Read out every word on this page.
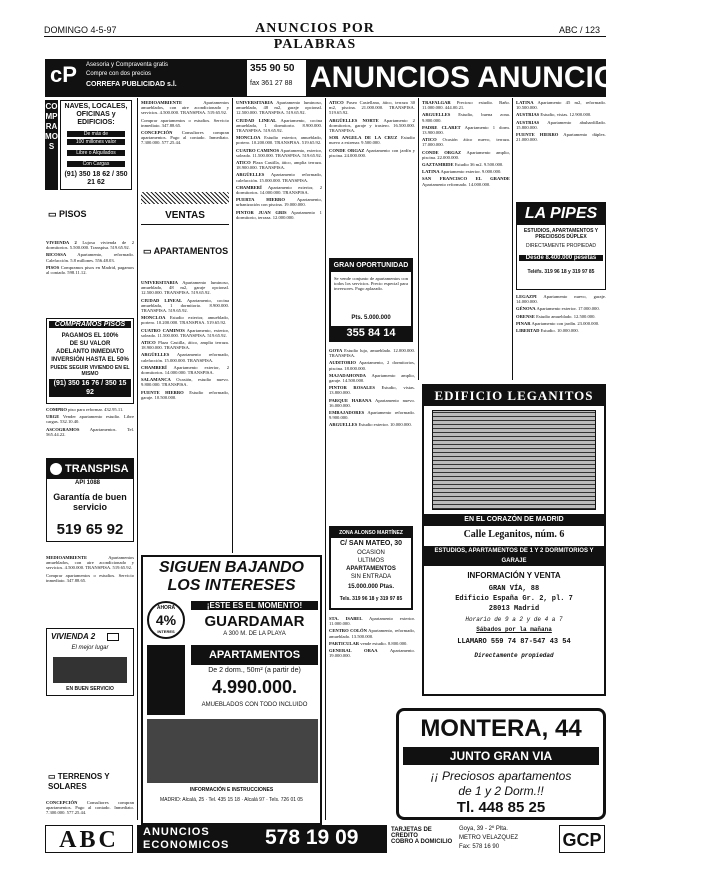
DOMINGO 4-5-97	ANUNCIOS POR PALABRAS
ABC / 123
cP Asesoria y Compraventa gratis
Compre con dos precios
CORREFA PUBLICIDAD s.l.
355 90 50
fax 361 27 88 ANUNCIOS ANUNCIOS ANU
COMPRAMOS
NAVES, LOCALES, OFICINAS y EDIFICIOS:
De más de
100 millones valor
Libre o Alquilados
Con Cargas
(91) 350 18 62 / 350 21 62
▭ PISOS

VIVIENDA 2 Lujosa vivienda de 2 dormitorios. 5.500.000. Transpisa. 519.65.92.

BICOSSA Apartamento, reformado. Calefacción. 5.8 millones. 556.48.03.

PISOS Compramos pisos en Madrid, pagamos al contado. 598.11.12.

COMPRAMOS PISOS
PAGAMOS EL 100%
DE SU VALOR
ADELANTO INMEDIATO
INVERSIÓN HASTA EL 50%
PUEDE SEGUIR VIVIENDO EN EL MISMO
(91) 350 16 76 / 350 15 92

COMPRO piso para reformar. 432.95.11.

URGE Vender apartamento estudio. Libre cargas. 532.10.40.

ASCOGRAMOS Apartamentos. Tel. 565.44.22.

TRANSPISA
API 1088
Garantía de buen servicio
519 65 92

MEDIOAMBIENTE	Apartamentos amueblados, con aire acondicionado y servicios. 4.500.000. TRANSPISA. 519.65.92.

Comprar apartamentos o estudios. Servicio inmediato. 347.88.65.

VIVIENDA 2
El mejor lugar
EN BUEN SERVICIO
▭ TERRENOS Y SOLARES

CONCEPCIÓN Consultores compran apartamentos. Pago al contado. Inmediato. 7.300.000. 577.25.44.

MEDIOAMBIENTE	Apartamentos amueblados, con aire acondicionado y servicios. 4.500.000. TRANSPISA. 519.65.92.

Comprar apartamentos o estudios. Servicio inmediato. 347.88.65.

CONCEPCIÓN Consultores compran apartamentos. Pago al contado. Inmediato. 7.300.000. 577.25.44.

VENTAS
▭ APARTAMENTOS

UNIVERSITARIA Apartamento luminoso, amueblado, 48 m2, garaje opcional. 12.500.000. TRANSPISA. 519.65.92.

CIUDAD LINEAL Apartamento, cocina amueblada, 1 dormitorio. 8.900.000. TRANSPISA. 519.65.92.

MONCLOA Estudio exterior, amueblado, portero. 10.200.000. TRANSPISA. 519.65.92.

CUATRO CAMINOS Apartamento, exterior, soleado. 11.500.000. TRANSPISA. 519.65.92.

ATICO Plaza Castilla, ático, amplia terraza. 18.900.000. TRANSPISA.

ARGÜELLES Apartamento reformado, calefacción. 15.000.000. TRANSPISA.

CHAMBERÍ Apartamento exterior, 2 dormitorios. 14.000.000. TRANSPISA.

SALAMANCA Ocasión, estudio nuevo. 9.800.000. TRANSPISA.

FUENTE HIERRO Estudio reformado, garaje. 10.500.000.

UNIVERSITARIA Apartamento luminoso, amueblado, 48 m2, garaje opcional. 12.500.000. TRANSPISA. 519.65.92.

CIUDAD LINEAL Apartamento, cocina amueblada, 1 dormitorio. 8.900.000. TRANSPISA. 519.65.92.

MONCLOA Estudio exterior, amueblado, portero. 10.200.000. TRANSPISA. 519.65.92.

CUATRO CAMINOS Apartamento, exterior, soleado. 11.500.000. TRANSPISA. 519.65.92.

ATICO Plaza Castilla, ático, amplia terraza. 18.900.000. TRANSPISA.

ARGÜELLES Apartamento reformado, calefacción. 15.000.000. TRANSPISA.

CHAMBERÍ Apartamento exterior, 2 dormitorios. 14.000.000. TRANSPISA.

PUERTA HIERRO	Apartamento, urbanización con piscina. 19.000.000.

PINTOR JUAN GRIS Apartamento 1 dormitorio, terraza. 12.000.000.

SIGUEN BAJANDO
LOS INTERESES
AHORA
4%
INTERES
¡ESTE ES EL MOMENTO!
GUARDAMAR
A 300 M. DE LA PLAYA
APARTAMENTOS
De 2 dorm., 50m² (a partir de)
4.990.000.
AMUEBLADOS CON TODO INCLUIDO
INFORMACIÓN E INSTRUCCIONES
MADRID: Alcalá, 25 · Tel. 435 15 18 · Alcalá 97 · Tels. 726 01 05

ATICO Paseo Castellana, ático, terraza 30 m2, piscina. 21.000.000. TRANSPISA. 519.65.92.

ARGÜELLES NORTE Apartamento 2 dormitorios, garaje y trastero. 16.500.000. TRANSPISA.

SOR ANGELA DE LA CRUZ Estudio nuevo a estrenar. 9.500.000.

CONDE ORGAZ Apartamento con jardín y piscina. 24.000.000.

GRAN OPORTUNIDAD
Se vende conjunto de apartamentos con todos los servicios. Precio especial para inversores. Pago aplazado.
Pts. 5.000.000
355 84 14

GOYA Estudio lujo, amueblado. 12.000.000. TRANSPISA.

AUDITORIO Apartamento, 2 dormitorios, piscina. 18.000.000.

MAJADAHONDA Apartamento amplio, garaje. 14.500.000.

PINTOR ROSALES Estudio, vistas. 13.800.000.

PARQUE HABANA Apartamento nuevo. 16.000.000.

EMBAJADORES Apartamento reformado. 9.900.000.

ARGUELLES Estudio exterior. 10.000.000.

ZONA ALONSO MARTÍNEZ
C/ SAN MATEO, 30
OCASION
ULTIMOS
APARTAMENTOS
SIN ENTRADA
15.000.000 Ptas.
Tels. 319 96 18 y 319 97 85

STA. ISABEL Apartamento exterior. 11.000.000.

CENTRO COLÓN Apartamento, reformado, amueblado. 13.500.000.

PARTICULAR vende estudio. 8.800.000.

GENERAL ORAA	Apartamento. 19.000.000.

TRAFALGAR Precioso estudio. Baño. 11.000.000. 444.00.21.

ARGUELLES Estudio, buena zona. 9.800.000.

PADRE CLARET Apartamento 1 dorm. 13.900.000.

ATICO Ocasión ático nuevo, terraza. 17.000.000.

CONDE ORGAZ Apartamento amplio, piscina. 22.000.000.

GAZTAMBIDE Estudio 36 m2. 9.500.000.

LATINA Apartamento exterior. 9.000.000.

SAN FRANCISCO EL GRANDE Apartamento reformado. 14.000.000.

LATINA Apartamento 45 m2, reformado. 10.500.000.

AUSTRIAS Estudio, vistas. 12.900.000.

AUSTRIAS Apartamento abuhardillado. 15.800.000.

FUENTE HIERRO Apartamento dúplex. 21.000.000.

LA PIPES
ESTUDIOS, APARTAMENTOS Y PRECIOSOS DÚPLEX
DIRECTAMENTE PROPIEDAD
Desde 8.400.000 pesetas
Teléfs. 319 96 18 y 319 97 85

LEGAZPI Apartamento nuevo, garaje. 14.000.000.

GÉNOVA Apartamento exterior. 17.000.000.

ORENSE Estudio amueblado. 12.500.000.

PINAR Apartamento con jardín. 23.000.000.

LIBERTAD Estudio. 10.000.000.

EDIFICIO LEGANITOS
EN EL CORAZÓN DE MADRID
Calle Leganitos, núm. 6
ESTUDIOS, APARTAMENTOS DE 1 Y 2 DORMITORIOS Y GARAJE
INFORMACIÓN Y VENTA
GRAN VÍA, 88
Edificio España Gr. 2, pl. 7
28013 Madrid
Horario de 9 a 2 y de 4 a 7
Sábados por la mañana
LLAMARO 559 74 87-547 43 54
Directamente propiedad
MONTERA, 44
JUNTO GRAN VIA
¡¡ Preciosos apartamentos
de 1 y 2 Dorm.!!
Tl. 448 85 25
ABC	ANUNCIOS
ECONOMICOS 578 19 09	TARJETAS DE CREDITO
COBRO A DOMICILIO
Goya, 39 - 2º Plta.
METRO VELAZQUEZ
Fax: 578 16 90	GCP
